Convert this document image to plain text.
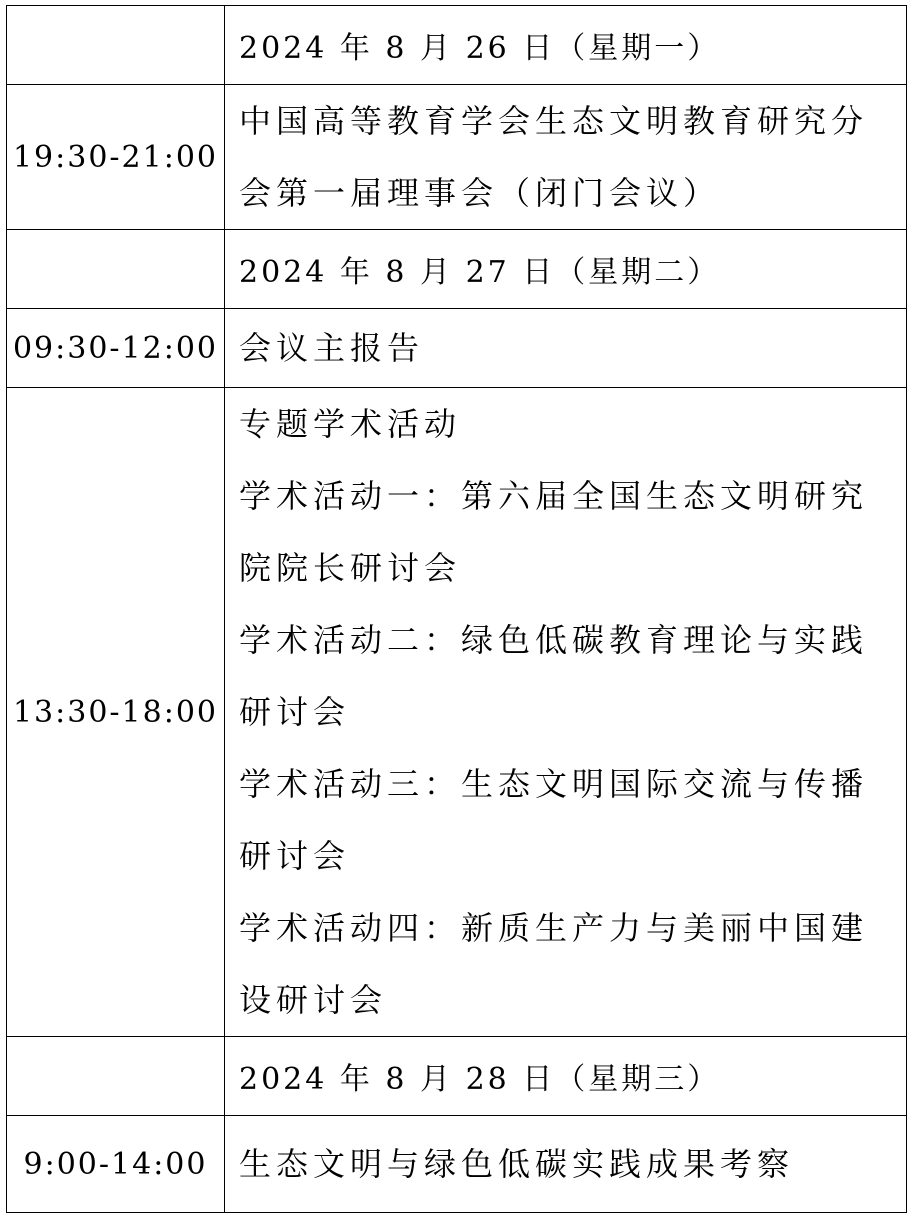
	2024 年 8 月 26 日（星期一）
19:30-21:00	中国高等教育学会生态文明教育研究分会第一届理事会（闭门会议）

	2024 年 8 月 27 日（星期二）
09:30-12:00	会议主报告

13:30-18:00	专题学术活动
学术活动一：第六届全国生态文明研究院院长研讨会
学术活动二：绿色低碳教育理论与实践研讨会
学术活动三：生态文明国际交流与传播研讨会
学术活动四：新质生产力与美丽中国建设研讨会

	2024 年 8 月 28 日（星期三）
9:00-14:00	生态文明与绿色低碳实践成果考察
